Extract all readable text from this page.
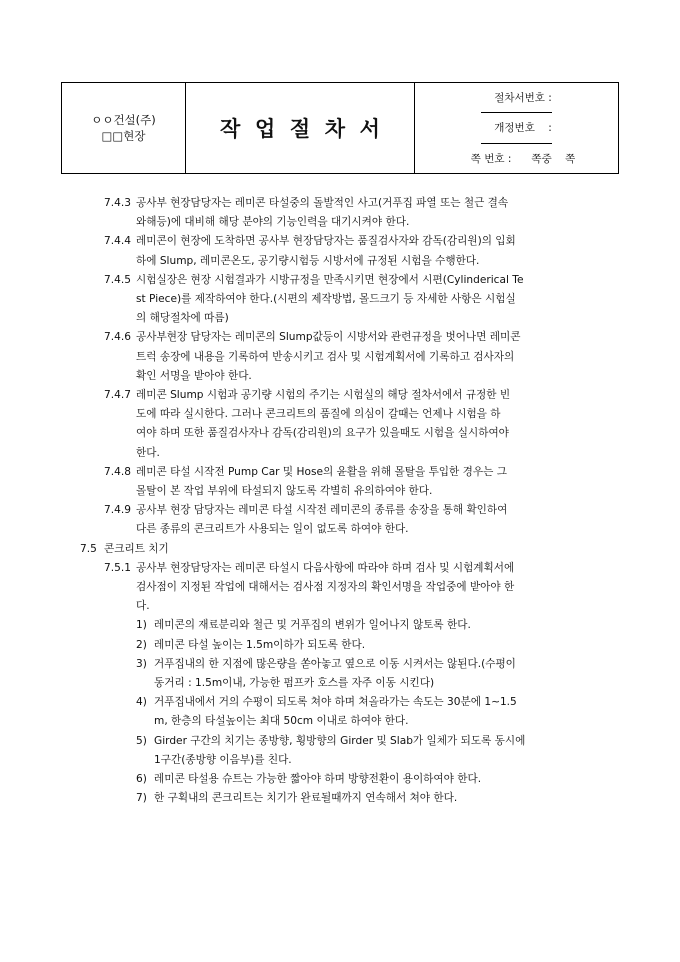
ㅇㅇ건설(주)
□□현장	작  업  절  차  서
절차서번호 :
개정번호    :
쪽 번호 :      쪽중    쪽
7.4.3 공사부 현장담당자는 레미콘 타설중의 돌발적인 사고(거푸집 파열 또는 철근 결속
와해등)에 대비해 해당 분야의 기능인력을 대기시켜야 한다.
7.4.4 레미콘이 현장에 도착하면 공사부 현장담당자는 품질검사자와 감독(감리원)의 입회
하에 Slump, 레미콘온도, 공기량시험등 시방서에 규정된 시험을 수행한다.
7.4.5 시험실장은 현장 시험결과가 시방규정을 만족시키면 현장에서 시편(Cylinderical Te
st Piece)를 제작하여야 한다.(시편의 제작방법, 몰드크기 등 자세한 사항은 시험실
의 해당절차에 따름)
7.4.6 공사부현장 담당자는 레미콘의 Slump값등이 시방서와 관련규정을 벗어나면 레미콘
트럭 송장에 내용을 기록하여 반송시키고 검사 및 시험계획서에 기록하고 검사자의
확인 서명을 받아야 한다.
7.4.7 레미콘 Slump 시험과 공기량 시험의 주기는 시험실의 해당 절차서에서 규정한 빈
도에 따라 실시한다. 그러나 콘크리트의 품질에 의심이 갈때는 언제나 시험을 하
여야 하며 또한 품질검사자나 감독(감리원)의 요구가 있을때도 시험을 실시하여야
한다.
7.4.8 레미콘 타설 시작전 Pump Car 및 Hose의 윤활을 위해 몰탈을 투입한 경우는 그
몰탈이 본 작업 부위에 타설되지 않도록 각별히 유의하여야 한다.
7.4.9 공사부 현장 담당자는 레미콘 타설 시작전 레미콘의 종류를 송장을 통해 확인하여
다른 종류의 콘크리트가 사용되는 일이 없도록 하여야 한다.
7.5 콘크리트 치기
7.5.1 공사부 현장담당자는 레미콘 타설시 다음사항에 따라야 하며 검사 및 시험계획서에
검사점이 지정된 작업에 대해서는 검사점 지정자의 확인서명을 작업중에 받아야 한
다.
1) 레미콘의 재료분리와 철근 및 거푸집의 변위가 일어나지 않토록 한다.
2) 레미콘 타설 높이는 1.5m이하가 되도록 한다.
3) 거푸집내의 한 지점에 많은량을 쏟아놓고 옆으로 이동 시켜서는 않된다.(수평이
동거리 : 1.5m이내, 가능한 펌프카 호스를 자주 이동 시킨다)
4) 거푸집내에서 거의 수평이 되도록 쳐야 하며 쳐올라가는 속도는 30분에 1∼1.5
m, 한층의 타설높이는 최대 50cm 이내로 하여야 한다.
5) Girder 구간의 치기는 종방향, 횡방향의 Girder 및 Slab가 일체가 되도록 동시에
1구간(종방향 이음부)를 친다.
6) 레미콘 타설용 슈트는 가능한 짧아야 하며 방향전환이 용이하여야 한다.
7) 한 구획내의 콘크리트는 치기가 완료될때까지 연속해서 쳐야 한다.
